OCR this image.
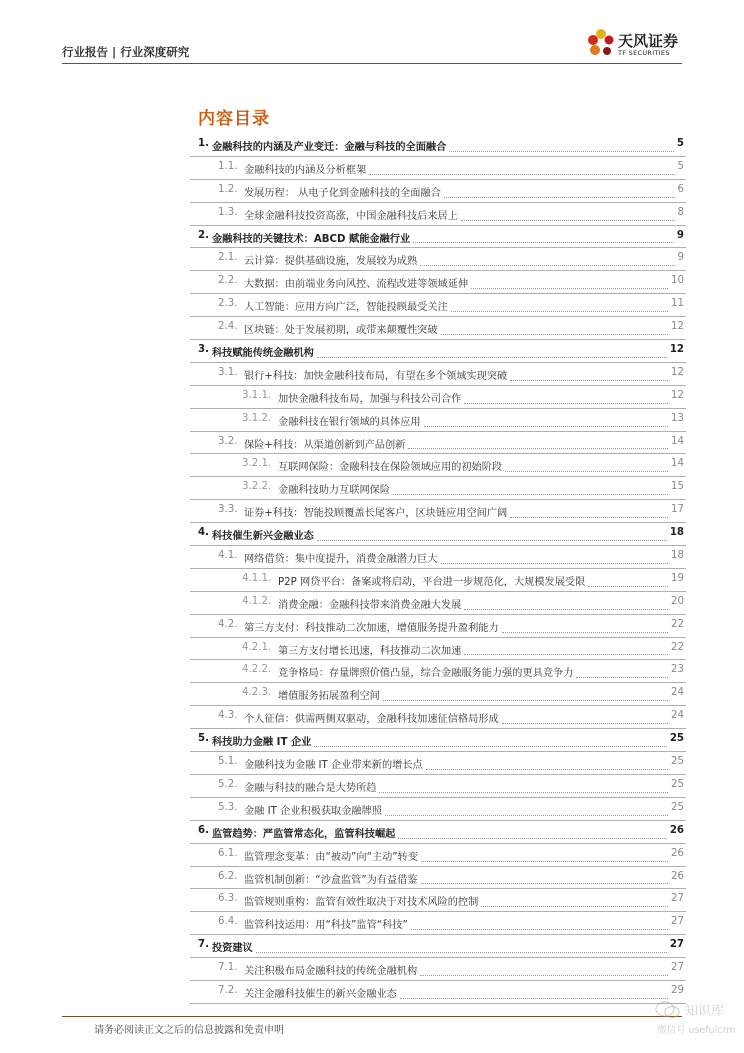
行业报告 | 行业深度研究
天风证券
TF SECURITIES
内容目录
1. 金融科技的内涵及产业变迁：金融与科技的全面融合	5
1.1. 金融科技的内涵及分析框架	5
1.2. 发展历程： 从电子化到金融科技的全面融合	6
1.3. 全球金融科技投资高涨，中国金融科技后来居上	8
2. 金融科技的关键技术：ABCD 赋能金融行业	9
2.1. 云计算：提供基础设施，发展较为成熟	9
2.2. 大数据：由前端业务向风控、流程改进等领域延伸	10
2.3. 人工智能：应用方向广泛，智能投顾最受关注	11
2.4. 区块链：处于发展初期，或带来颠覆性突破	12
3. 科技赋能传统金融机构	12
3.1. 银行+科技：加快金融科技布局，有望在多个领域实现突破	12
3.1.1. 加快金融科技布局，加强与科技公司合作	12
3.1.2. 金融科技在银行领域的具体应用	13
3.2. 保险+科技：从渠道创新到产品创新	14
3.2.1. 互联网保险：金融科技在保险领域应用的初始阶段	14
3.2.2. 金融科技助力互联网保险	15
3.3. 证券+科技：智能投顾覆盖长尾客户，区块链应用空间广阔	17
4. 科技催生新兴金融业态	18
4.1. 网络借贷：集中度提升，消费金融潜力巨大	18
4.1.1. P2P 网贷平台：备案或将启动，平台进一步规范化，大规模发展受限	19
4.1.2. 消费金融：金融科技带来消费金融大发展	20
4.2. 第三方支付：科技推动二次加速，增值服务提升盈利能力	22
4.2.1. 第三方支付增长迅速，科技推动二次加速	22
4.2.2. 竞争格局：存量牌照价值凸显，综合金融服务能力强的更具竞争力	23
4.2.3. 增值服务拓展盈利空间	24
4.3. 个人征信：供需两侧双驱动，金融科技加速征信格局形成	24
5. 科技助力金融 IT 企业	25
5.1. 金融科技为金融 IT 企业带来新的增长点	25
5.2. 金融与科技的融合是大势所趋	25
5.3. 金融 IT 企业积极获取金融牌照	25
6. 监管趋势：严监管常态化，监管科技崛起	26
6.1. 监管理念变革：由“被动”向“主动”转变	26
6.2. 监管机制创新：“沙盒监管”为有益借鉴	26
6.3. 监管规则重构：监管有效性取决于对技术风险的控制	27
6.4. 监管科技运用：用“科技”监管“科技”	27
7. 投资建议	27
7.1. 关注积极布局金融科技的传统金融机构	27
7.2. 关注金融科技催生的新兴金融业态	29
请务必阅读正文之后的信息披露和免责申明
知识库
微信号 usefulcrm
